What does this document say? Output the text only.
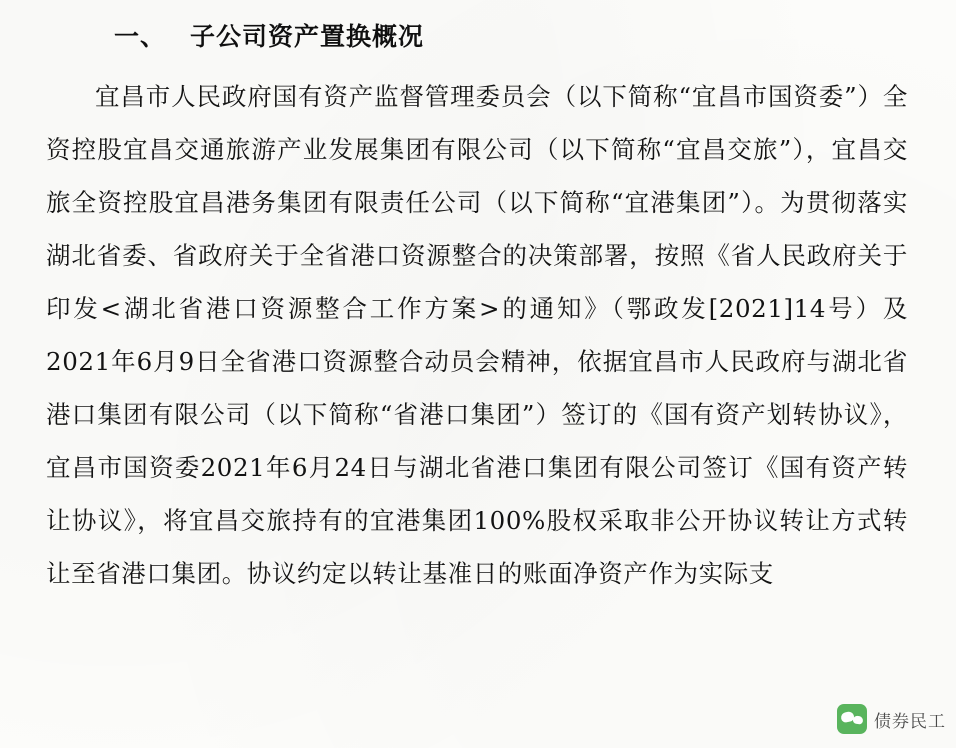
一、 子公司资产置换概况

宜昌市人民政府国有资产监督管理委员会（以下简称“宜昌市国资委”）全资控股宜昌交通旅游产业发展集团有限公司（以下简称“宜昌交旅”），宜昌交旅全资控股宜昌港务集团有限责任公司（以下简称“宜港集团”）。为贯彻落实湖北省委、省政府关于全省港口资源整合的决策部署，按照《省人民政府关于印发<湖北省港口资源整合工作方案>的通知》（鄂政发[2021]14号）及2021年6月9日全省港口资源整合动员会精神，依据宜昌市人民政府与湖北省港口集团有限公司（以下简称“省港口集团”）签订的《国有资产划转协议》，宜昌市国资委2021年6月24日与湖北省港口集团有限公司签订《国有资产转让协议》，将宜昌交旅持有的宜港集团100%股权采取非公开协议转让方式转让至省港口集团。协议约定以转让基准日的账面净资产作为实际支

债券民工
